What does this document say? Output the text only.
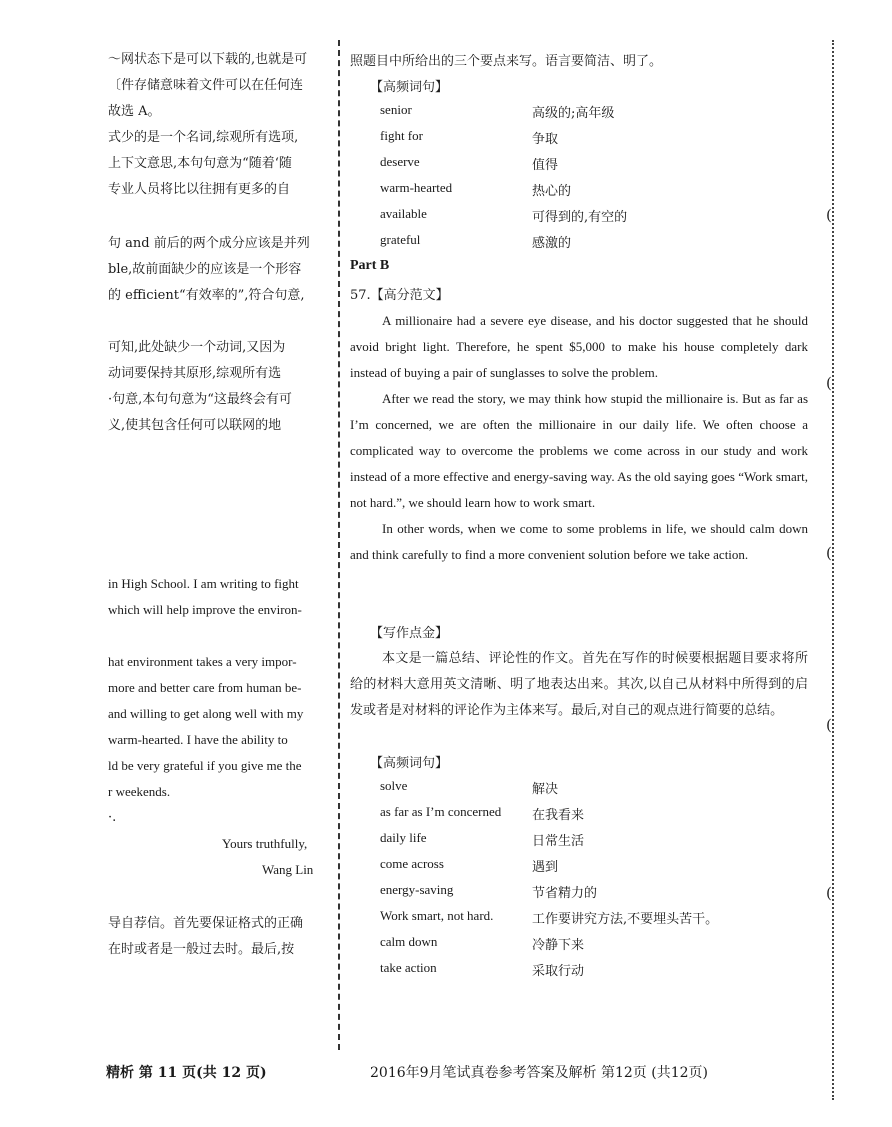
〜网状态下是可以下载的,也就是可
〔件存储意味着文件可以在任何连
故选 A。
式少的是一个名词,综观所有选项,
上下文意思,本句句意为“随着‘随
专业人员将比以往拥有更多的自
句 and 前后的两个成分应该是并列
ble,故前面缺少的应该是一个形容
的 efficient“有效率的”,符合句意,
可知,此处缺少一个动词,又因为
动词要保持其原形,综观所有选
·句意,本句句意为“这最终会有可
义,使其包含任何可以联网的地
in High School. I am writing to fight
which will help improve the environ-
hat environment takes a very impor-
more and better care from human be-
and willing to get along well with my
warm-hearted. I have the ability to
ld be very grateful if you give me the
r weekends.
·.
Yours truthfully,
Wang Lin
导自荐信。首先要保证格式的正确
在时或者是一般过去时。最后,按
照题目中所给出的三个要点来写。语言要简洁、明了。
【高频词句】
senior	高级的;高年级
fight for	争取
deserve	值得
warm-hearted	热心的
available	可得到的,有空的
grateful	感激的
Part B
57.【高分范文】

A millionaire had a severe eye disease, and his doctor suggested that he should avoid bright light. Therefore, he spent $5,000 to make his house completely dark instead of buying a pair of sunglasses to solve the problem.

After we read the story, we may think how stupid the millionaire is. But as far as I’m concerned, we are often the millionaire in our daily life. We often choose a complicated way to overcome the problems we come across in our study and work instead of a more effective and energy-saving way. As the old saying goes “Work smart, not hard.”, we should learn how to work smart.

In other words, when we come to some problems in life, we should calm down and think carefully to find a more convenient solution before we take action.

【写作点金】

本文是一篇总结、评论性的作文。首先在写作的时候要根据题目要求将所给的材料大意用英文清晰、明了地表达出来。其次,以自己从材料中所得到的启发或者是对材料的评论作为主体来写。最后,对自己的观点进行简要的总结。

【高频词句】
solve	解决
as far as I’m concerned 在我看来
daily life	日常生活
come across	遇到
energy-saving	节省精力的
Work smart, not hard.	工作要讲究方法,不要埋头苦干。
calm down	冷静下来
take action	采取行动
(
(
(
(
(
精析 第 11 页(共 12 页)	2016年9月笔试真卷参考答案及解析 第12页 (共12页)
